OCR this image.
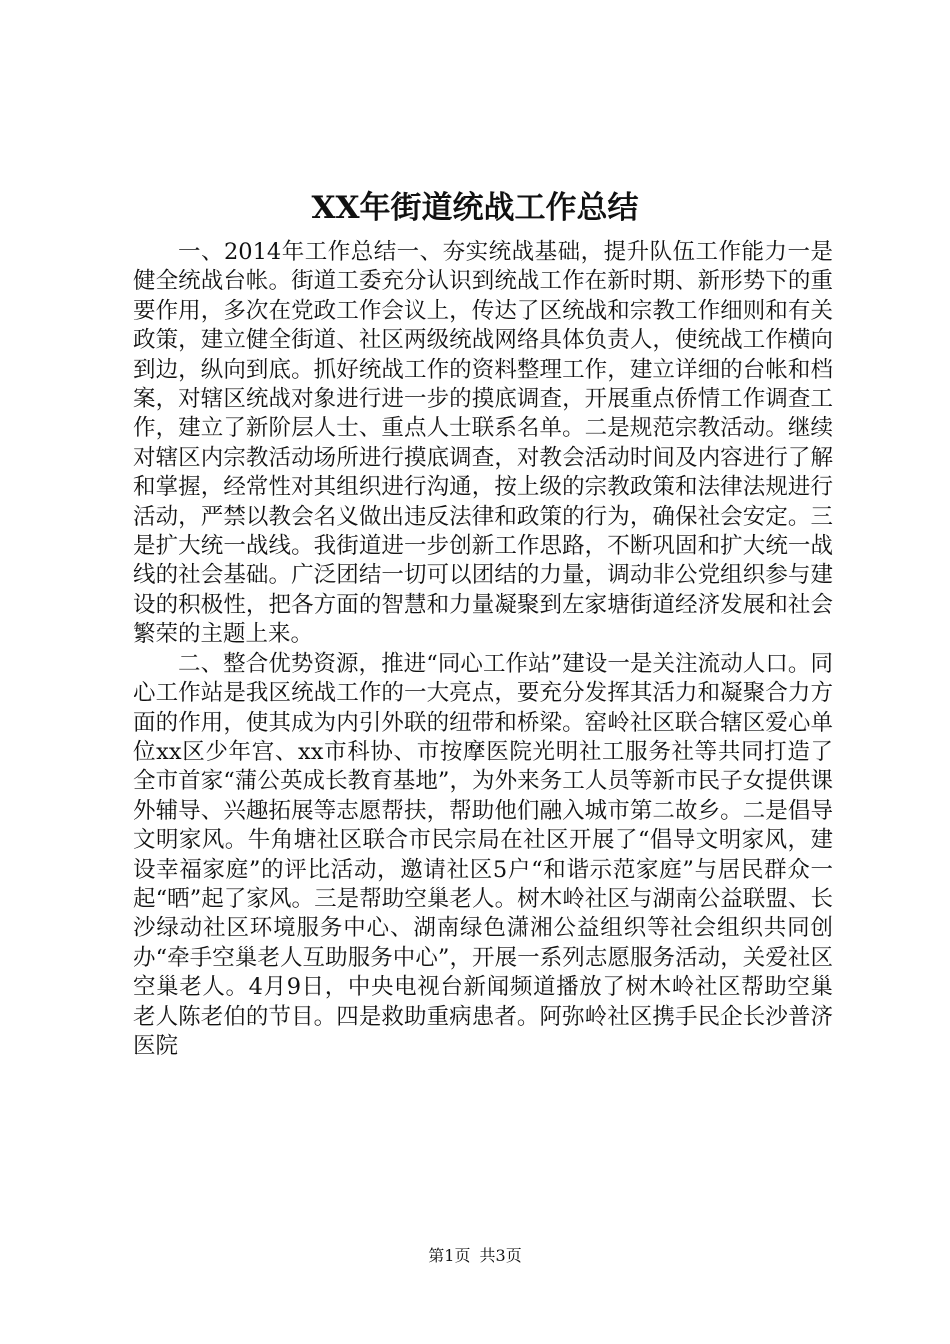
XX年街道统战工作总结

一、2014年工作总结一、夯实统战基础，提升队伍工作能力一是健全统战台帐。街道工委充分认识到统战工作在新时期、新形势下的重要作用，多次在党政工作会议上，传达了区统战和宗教工作细则和有关政策，建立健全街道、社区两级统战网络具体负责人，使统战工作横向到边，纵向到底。抓好统战工作的资料整理工作，建立详细的台帐和档案，对辖区统战对象进行进一步的摸底调查，开展重点侨情工作调查工作，建立了新阶层人士、重点人士联系名单。二是规范宗教活动。继续对辖区内宗教活动场所进行摸底调查，对教会活动时间及内容进行了解和掌握，经常性对其组织进行沟通，按上级的宗教政策和法律法规进行活动，严禁以教会名义做出违反法律和政策的行为，确保社会安定。三是扩大统一战线。我街道进一步创新工作思路，不断巩固和扩大统一战线的社会基础。广泛团结一切可以团结的力量，调动非公党组织参与建设的积极性，把各方面的智慧和力量凝聚到左家塘街道经济发展和社会繁荣的主题上来。

二、整合优势资源，推进“同心工作站”建设一是关注流动人口。同心工作站是我区统战工作的一大亮点，要充分发挥其活力和凝聚合力方面的作用，使其成为内引外联的纽带和桥梁。窑岭社区联合辖区爱心单位xx区少年宫、xx市科协、市按摩医院光明社工服务社等共同打造了全市首家“蒲公英成长教育基地”，为外来务工人员等新市民子女提供课外辅导、兴趣拓展等志愿帮扶，帮助他们融入城市第二故乡。二是倡导文明家风。牛角塘社区联合市民宗局在社区开展了“倡导文明家风，建设幸福家庭”的评比活动，邀请社区5户“和谐示范家庭”与居民群众一起“晒”起了家风。三是帮助空巢老人。树木岭社区与湖南公益联盟、长沙绿动社区环境服务中心、湖南绿色潇湘公益组织等社会组织共同创办“牵手空巢老人互助服务中心”，开展一系列志愿服务活动，关爱社区空巢老人。4月9日，中央电视台新闻频道播放了树木岭社区帮助空巢老人陈老伯的节目。四是救助重病患者。阿弥岭社区携手民企长沙普济医院

第1页 共3页
